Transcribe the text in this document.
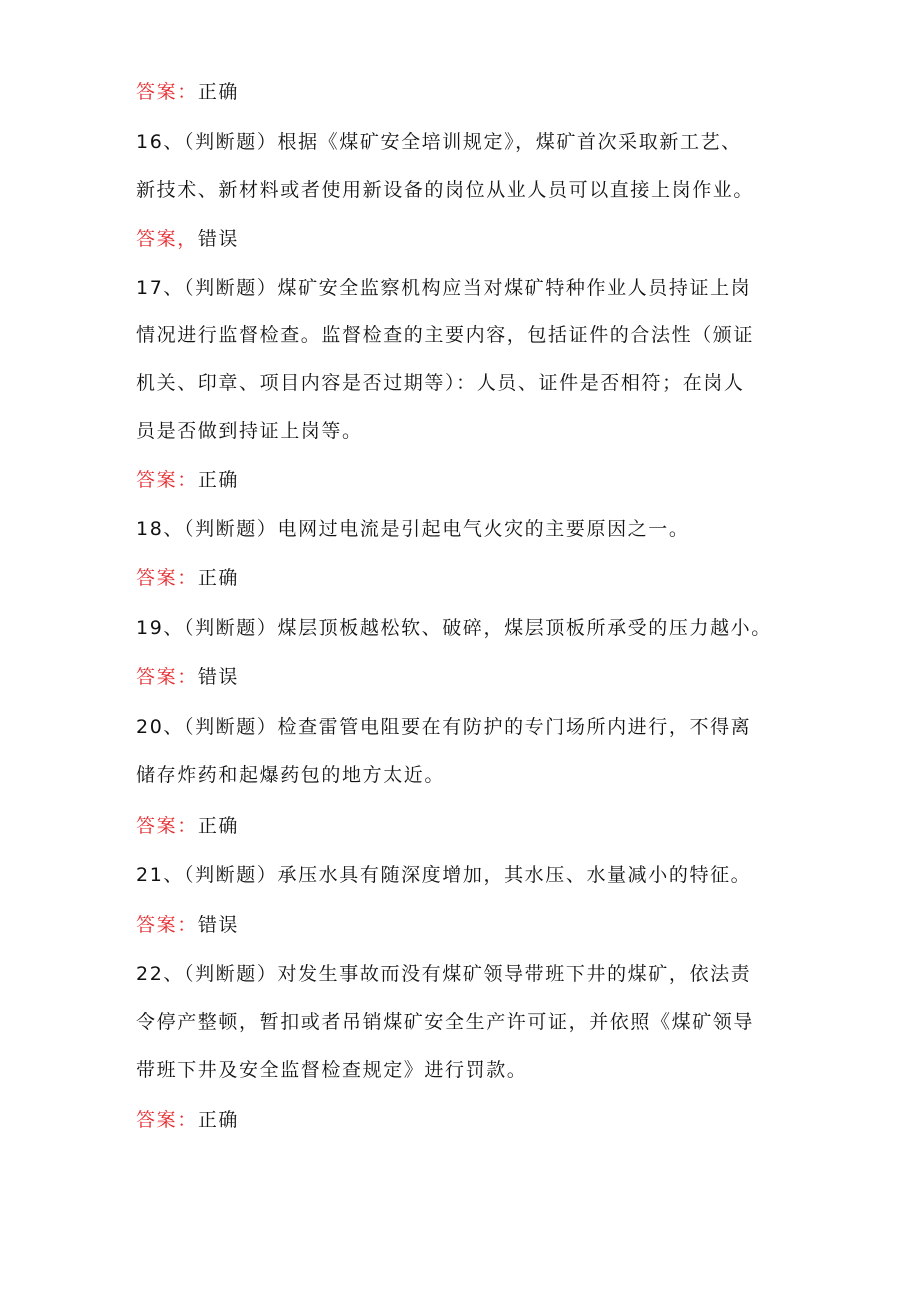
答案：正确
16、（判断题）根据《煤矿安全培训规定》，煤矿首次采取新工艺、
新技术、新材料或者使用新设备的岗位从业人员可以直接上岗作业。
答案，错误
17、（判断题）煤矿安全监察机构应当对煤矿特种作业人员持证上岗
情况进行监督检查。监督检查的主要内容，包括证件的合法性（颁证
机关、印章、项目内容是否过期等）：人员、证件是否相符；在岗人
员是否做到持证上岗等。
答案：正确
18、（判断题）电网过电流是引起电气火灾的主要原因之一。
答案：正确
19、（判断题）煤层顶板越松软、破碎，煤层顶板所承受的压力越小。
答案：错误
20、（判断题）检查雷管电阻要在有防护的专门场所内进行，不得离
储存炸药和起爆药包的地方太近。
答案：正确
21、（判断题）承压水具有随深度增加，其水压、水量减小的特征。
答案：错误
22、（判断题）对发生事故而没有煤矿领导带班下井的煤矿，依法责
令停产整顿，暂扣或者吊销煤矿安全生产许可证，并依照《煤矿领导
带班下井及安全监督检查规定》进行罚款。
答案：正确
